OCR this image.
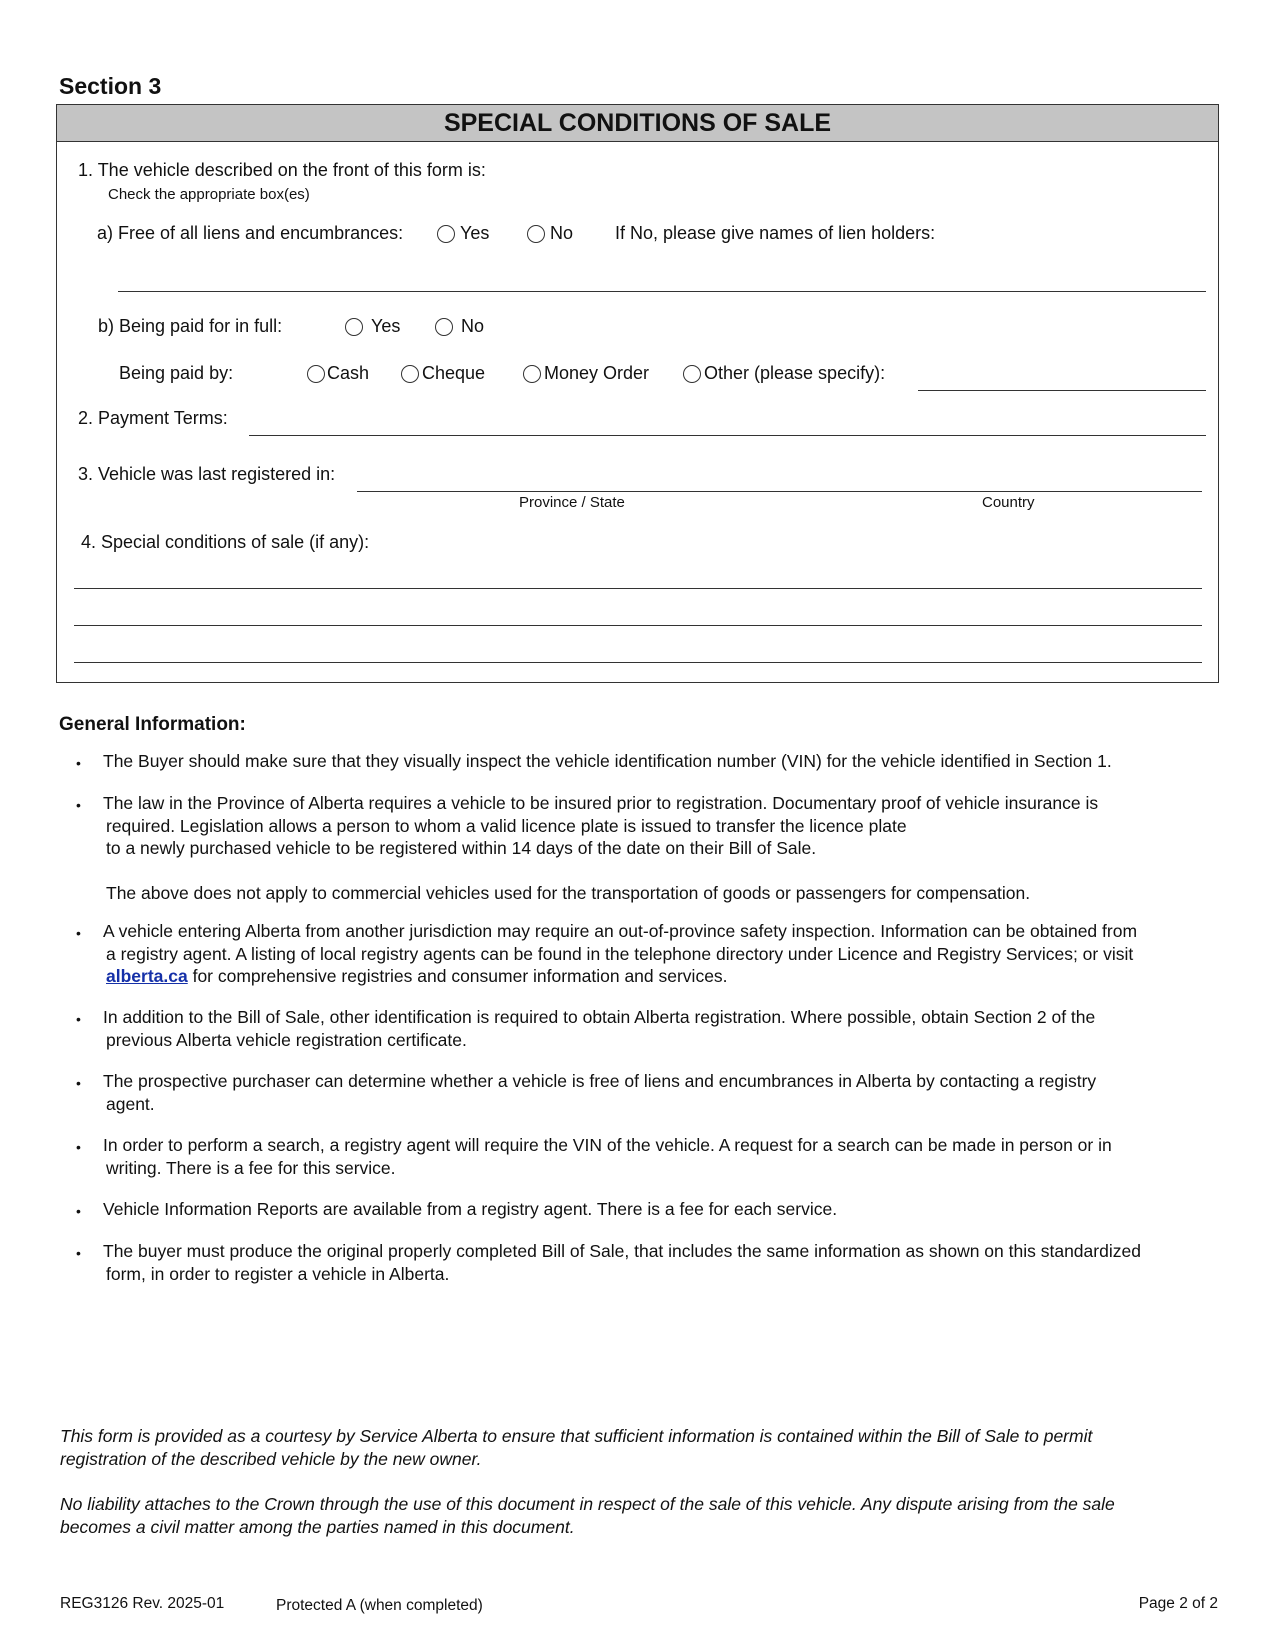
Section 3
SPECIAL CONDITIONS OF SALE
1. The vehicle described on the front of this form is:
Check the appropriate box(es)
a) Free of all liens and encumbrances:	Yes	No If No, please give names of lien holders:
b) Being paid for in full:	Yes	No
Being paid by:	Cash	Cheque	Money Order	Other (please specify):
2. Payment Terms:
3. Vehicle was last registered in:
Province / State	Country
4. Special conditions of sale (if any):
General Information:
• The Buyer should make sure that they visually inspect the vehicle identification number (VIN) for the vehicle identified in Section 1.
• The law in the Province of Alberta requires a vehicle to be insured prior to registration. Documentary proof of vehicle insurance is
required. Legislation allows a person to whom a valid licence plate is issued to transfer the licence plate
to a newly purchased vehicle to be registered within 14 days of the date on their Bill of Sale.
The above does not apply to commercial vehicles used for the transportation of goods or passengers for compensation.
• A vehicle entering Alberta from another jurisdiction may require an out-of-province safety inspection. Information can be obtained from
a registry agent. A listing of local registry agents can be found in the telephone directory under Licence and Registry Services; or visit
alberta.ca for comprehensive registries and consumer information and services.
• In addition to the Bill of Sale, other identification is required to obtain Alberta registration. Where possible, obtain Section 2 of the
previous Alberta vehicle registration certificate.
• The prospective purchaser can determine whether a vehicle is free of liens and encumbrances in Alberta by contacting a registry
agent.
• In order to perform a search, a registry agent will require the VIN of the vehicle. A request for a search can be made in person or in
writing. There is a fee for this service.
• Vehicle Information Reports are available from a registry agent. There is a fee for each service.
• The buyer must produce the original properly completed Bill of Sale, that includes the same information as shown on this standardized
form, in order to register a vehicle in Alberta.
This form is provided as a courtesy by Service Alberta to ensure that sufficient information is contained within the Bill of Sale to permit
registration of the described vehicle by the new owner.
No liability attaches to the Crown through the use of this document in respect of the sale of this vehicle. Any dispute arising from the sale
becomes a civil matter among the parties named in this document.
REG3126 Rev. 2025-01	Protected A (when completed)	Page 2 of 2
